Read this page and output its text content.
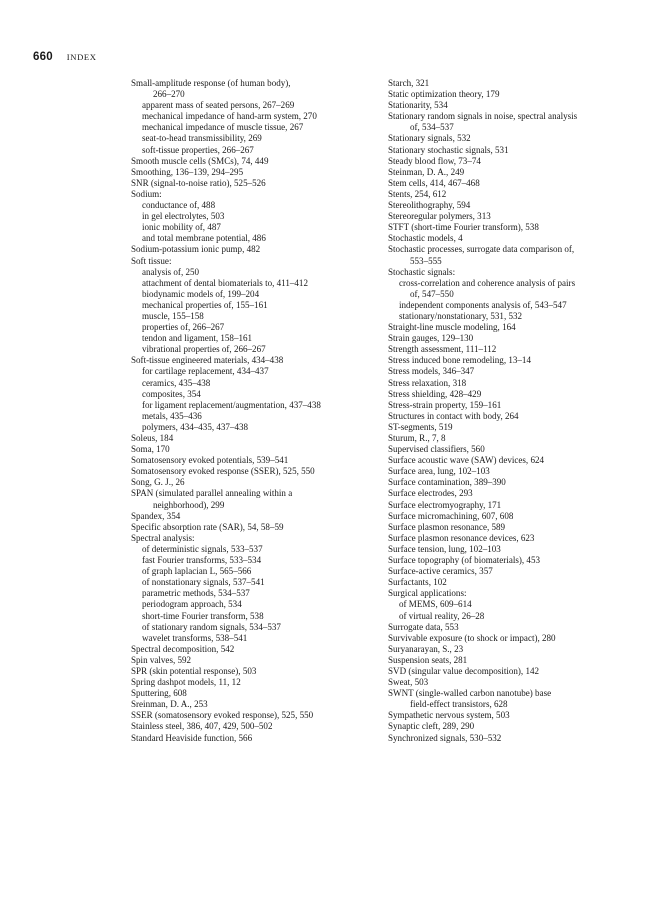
660 INDEX
Small-amplitude response (of human body),
266–270
apparent mass of seated persons, 267–269
mechanical impedance of hand-arm system, 270
mechanical impedance of muscle tissue, 267
seat-to-head transmissibility, 269
soft-tissue properties, 266–267
Smooth muscle cells (SMCs), 74, 449
Smoothing, 136–139, 294–295
SNR (signal-to-noise ratio), 525–526
Sodium:
conductance of, 488
in gel electrolytes, 503
ionic mobility of, 487
and total membrane potential, 486
Sodium-potassium ionic pump, 482
Soft tissue:
analysis of, 250
attachment of dental biomaterials to, 411–412
biodynamic models of, 199–204
mechanical properties of, 155–161
muscle, 155–158
properties of, 266–267
tendon and ligament, 158–161
vibrational properties of, 266–267
Soft-tissue engineered materials, 434–438
for cartilage replacement, 434–437
ceramics, 435–438
composites, 354
for ligament replacement/augmentation, 437–438
metals, 435–436
polymers, 434–435, 437–438
Soleus, 184
Soma, 170
Somatosensory evoked potentials, 539–541
Somatosensory evoked response (SSER), 525, 550
Song, G. J., 26
SPAN (simulated parallel annealing within a
neighborhood), 299
Spandex, 354
Specific absorption rate (SAR), 54, 58–59
Spectral analysis:
of deterministic signals, 533–537
fast Fourier transforms, 533–534
of graph laplacian L, 565–566
of nonstationary signals, 537–541
parametric methods, 534–537
periodogram approach, 534
short-time Fourier transform, 538
of stationary random signals, 534–537
wavelet transforms, 538–541
Spectral decomposition, 542
Spin valves, 592
SPR (skin potential response), 503
Spring dashpot models, 11, 12
Sputtering, 608
Sreinman, D. A., 253
SSER (somatosensory evoked response), 525, 550
Stainless steel, 386, 407, 429, 500–502
Standard Heaviside function, 566
Starch, 321
Static optimization theory, 179
Stationarity, 534
Stationary random signals in noise, spectral analysis
of, 534–537
Stationary signals, 532
Stationary stochastic signals, 531
Steady blood flow, 73–74
Steinman, D. A., 249
Stem cells, 414, 467–468
Stents, 254, 612
Stereolithography, 594
Stereoregular polymers, 313
STFT (short-time Fourier transform), 538
Stochastic models, 4
Stochastic processes, surrogate data comparison of,
553–555
Stochastic signals:
cross-correlation and coherence analysis of pairs
of, 547–550
independent components analysis of, 543–547
stationary/nonstationary, 531, 532
Straight-line muscle modeling, 164
Strain gauges, 129–130
Strength assessment, 111–112
Stress induced bone remodeling, 13–14
Stress models, 346–347
Stress relaxation, 318
Stress shielding, 428–429
Stress-strain property, 159–161
Structures in contact with body, 264
ST-segments, 519
Sturum, R., 7, 8
Supervised classifiers, 560
Surface acoustic wave (SAW) devices, 624
Surface area, lung, 102–103
Surface contamination, 389–390
Surface electrodes, 293
Surface electromyography, 171
Surface micromachining, 607, 608
Surface plasmon resonance, 589
Surface plasmon resonance devices, 623
Surface tension, lung, 102–103
Surface topography (of biomaterials), 453
Surface-active ceramics, 357
Surfactants, 102
Surgical applications:
of MEMS, 609–614
of virtual reality, 26–28
Surrogate data, 553
Survivable exposure (to shock or impact), 280
Suryanarayan, S., 23
Suspension seats, 281
SVD (singular value decomposition), 142
Sweat, 503
SWNT (single-walled carbon nanotube) base
field-effect transistors, 628
Sympathetic nervous system, 503
Synaptic cleft, 289, 290
Synchronized signals, 530–532
